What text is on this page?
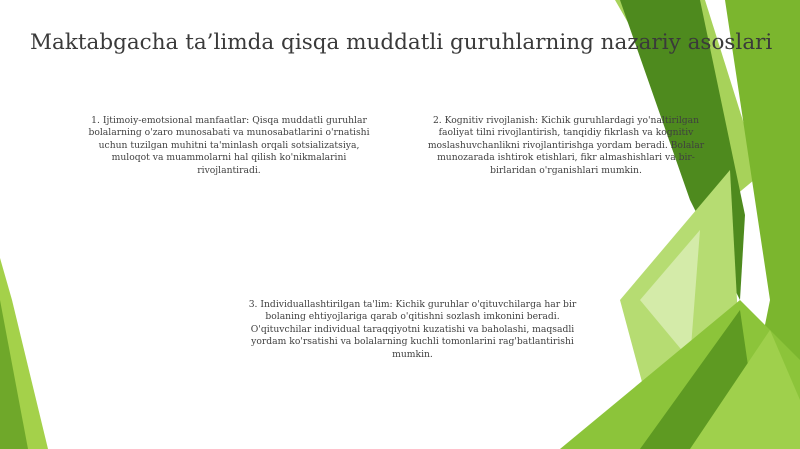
Maktabgacha ta’limda qisqa muddatli guruhlarning nazariy asoslari
1. Ijtimoiy-emotsional manfaatlar: Qisqa muddatli guruhlar bolalarning o'zaro munosabati va munosabatlarini o'rnatishi uchun tuzilgan muhitni ta'minlash orqali sotsializatsiya, muloqot va muammolarni hal qilish ko'nikmalarini rivojlantiradi.
2. Kognitiv rivojlanish: Kichik guruhlardagi yo'naltirilgan faoliyat tilni rivojlantirish, tanqidiy fikrlash va kognitiv moslashuvchanlikni rivojlantirishga yordam beradi. Bolalar munozarada ishtirok etishlari, fikr almashishlari va bir-birlaridan o'rganishlari mumkin.
3. Individuallashtirilgan ta'lim: Kichik guruhlar o'qituvchilarga har bir bolaning ehtiyojlariga qarab o'qitishni sozlash imkonini beradi. O'qituvchilar individual taraqqiyotni kuzatishi va baholashi, maqsadli yordam ko'rsatishi va bolalarning kuchli tomonlarini rag'batlantirishi mumkin.
